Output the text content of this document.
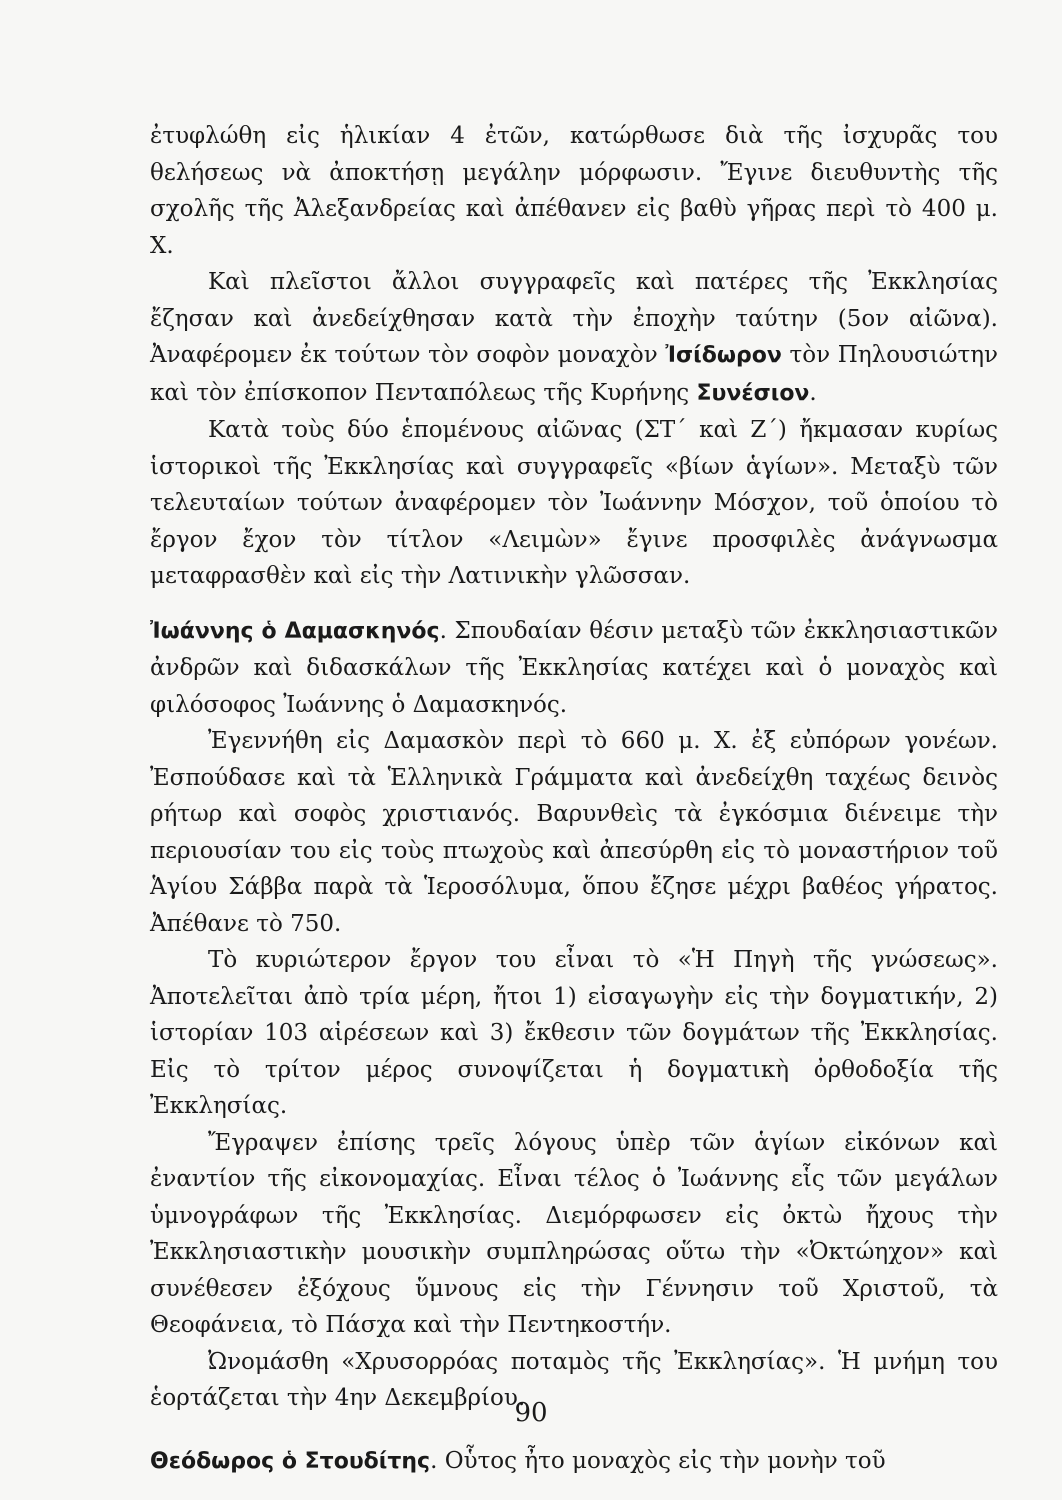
ἐτυφλώθη εἰς ἡλικίαν 4 ἐτῶν, κατώρθωσε διὰ τῆς ἰσχυρᾶς του θελήσεως νὰ ἀποκτήσῃ μεγάλην μόρφωσιν. Ἔγινε διευθυντὴς τῆς σχολῆς τῆς Ἀλεξανδρείας καὶ ἀπέθανεν εἰς βαθὺ γῆρας περὶ τὸ 400 μ. Χ.

Καὶ πλεῖστοι ἄλλοι συγγραφεῖς καὶ πατέρες τῆς Ἐκκλησίας ἔζησαν καὶ ἀνεδείχθησαν κατὰ τὴν ἐποχὴν ταύτην (5ον αἰῶνα). Ἀναφέρομεν ἐκ τούτων τὸν σοφὸν μοναχὸν Ἰσίδωρον τὸν Πηλουσιώτην καὶ τὸν ἐπίσκοπον Πενταπόλεως τῆς Κυρήνης Συνέσιον.

Κατὰ τοὺς δύο ἑπομένους αἰῶνας (ΣΤ΄ καὶ Ζ΄) ἤκμασαν κυρίως ἱστορικοὶ τῆς Ἐκκλησίας καὶ συγγραφεῖς «βίων ἁγίων». Μεταξὺ τῶν τελευταίων τούτων ἀναφέρομεν τὸν Ἰωάννην Μόσχον, τοῦ ὁποίου τὸ ἔργον ἔχον τὸν τίτλον «Λειμὼν» ἔγινε προσφιλὲς ἀνάγνωσμα μεταφρασθὲν καὶ εἰς τὴν Λατινικὴν γλῶσσαν.

Ἰωάννης ὁ Δαμασκηνός. Σπουδαίαν θέσιν μεταξὺ τῶν ἐκκλησιαστικῶν ἀνδρῶν καὶ διδασκάλων τῆς Ἐκκλησίας κατέχει καὶ ὁ μοναχὸς καὶ φιλόσοφος Ἰωάννης ὁ Δαμασκηνός.

Ἐγεννήθη εἰς Δαμασκὸν περὶ τὸ 660 μ. Χ. ἐξ εὐπόρων γονέων. Ἐσπούδασε καὶ τὰ Ἑλληνικὰ Γράμματα καὶ ἀνεδείχθη ταχέως δεινὸς ρήτωρ καὶ σοφὸς χριστιανός. Βαρυνθεὶς τὰ ἐγκόσμια διένειμε τὴν περιουσίαν του εἰς τοὺς πτωχοὺς καὶ ἀπεσύρθη εἰς τὸ μοναστήριον τοῦ Ἁγίου Σάββα παρὰ τὰ Ἱεροσόλυμα, ὅπου ἔζησε μέχρι βαθέος γήρατος. Ἀπέθανε τὸ 750.

Τὸ κυριώτερον ἔργον του εἶναι τὸ «Ἡ Πηγὴ τῆς γνώσεως». Ἀποτελεῖται ἀπὸ τρία μέρη, ἤτοι 1) εἰσαγωγὴν εἰς τὴν δογματικήν, 2) ἱστορίαν 103 αἱρέσεων καὶ 3) ἔκθεσιν τῶν δογμάτων τῆς Ἐκκλησίας. Εἰς τὸ τρίτον μέρος συνοψίζεται ἡ δογματικὴ ὀρθοδοξία τῆς Ἐκκλησίας.

Ἔγραψεν ἐπίσης τρεῖς λόγους ὑπὲρ τῶν ἁγίων εἰκόνων καὶ ἐναντίον τῆς εἰκονομαχίας. Εἶναι τέλος ὁ Ἰωάννης εἷς τῶν μεγάλων ὑμνογράφων τῆς Ἐκκλησίας. Διεμόρφωσεν εἰς ὀκτὼ ἤχους τὴν Ἐκκλησιαστικὴν μουσικὴν συμπληρώσας οὕτω τὴν «Ὀκτώηχον» καὶ συνέθεσεν ἐξόχους ὕμνους εἰς τὴν Γέννησιν τοῦ Χριστοῦ, τὰ Θεοφάνεια, τὸ Πάσχα καὶ τὴν Πεντηκοστήν.

Ὠνομάσθη «Χρυσορρόας ποταμὸς τῆς Ἐκκλησίας». Ἡ μνήμη του ἑορτάζεται τὴν 4ην Δεκεμβρίου.

Θεόδωρος ὁ Στουδίτης. Οὗτος ἦτο μοναχὸς εἰς τὴν μονὴν τοῦ

90
